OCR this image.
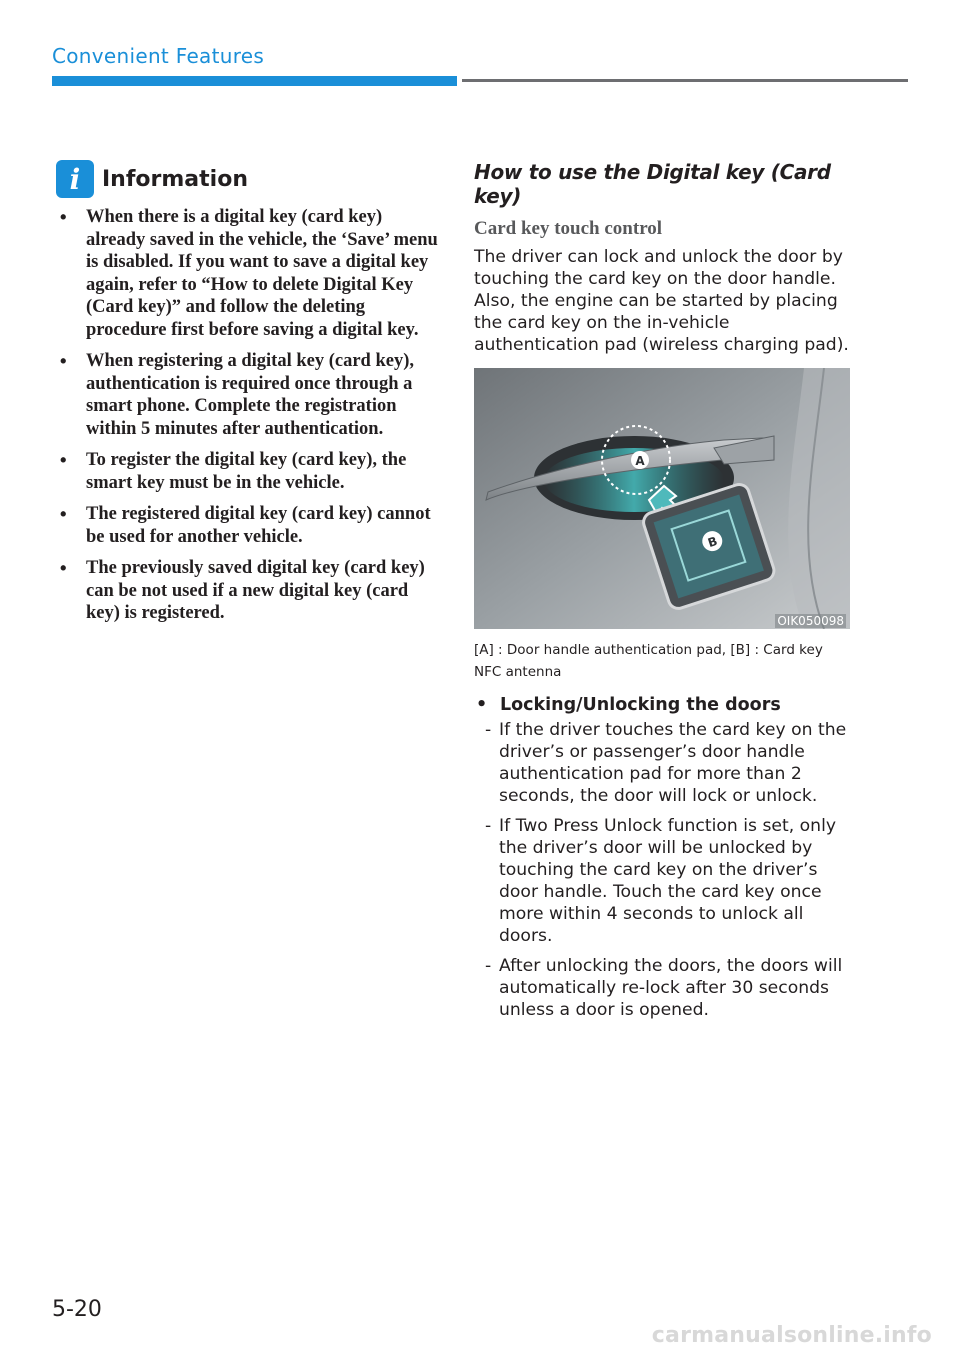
Convenient Features
i Information
• When there is a digital key (card key) already saved in the vehicle, the ‘Save’ menu is disabled. If you want to save a digital key again, refer to “How to delete Digital Key (Card key)” and follow the deleting procedure first before saving a digital key.
• When registering a digital key (card key), authentication is required once through a smart phone. Complete the registration within 5 minutes after authentication.
• To register the digital key (card key), the smart key must be in the vehicle.
• The registered digital key (card key) cannot be used for another vehicle.
• The previously saved digital key (card key) can be not used if a new digital key (card key) is registered.
How to use the Digital key (Card key)
Card key touch control

The driver can lock and unlock the door by touching the card key on the door handle. Also, the engine can be started by placing the card key on the in-vehicle authentication pad (wireless charging pad).

A
B
OIK050098

[A] : Door handle authentication pad, [B] : Card key NFC antenna

• Locking/Unlocking the doors
- If the driver touches the card key on the driver’s or passenger’s door handle authentication pad for more than 2 seconds, the door will lock or unlock.
- If Two Press Unlock function is set, only the driver’s door will be unlocked by touching the card key on the driver’s door handle. Touch the card key once more within 4 seconds to unlock all doors.
- After unlocking the doors, the doors will automatically re-lock after 30 seconds unless a door is opened.
5-20
carmanualsonline.info
